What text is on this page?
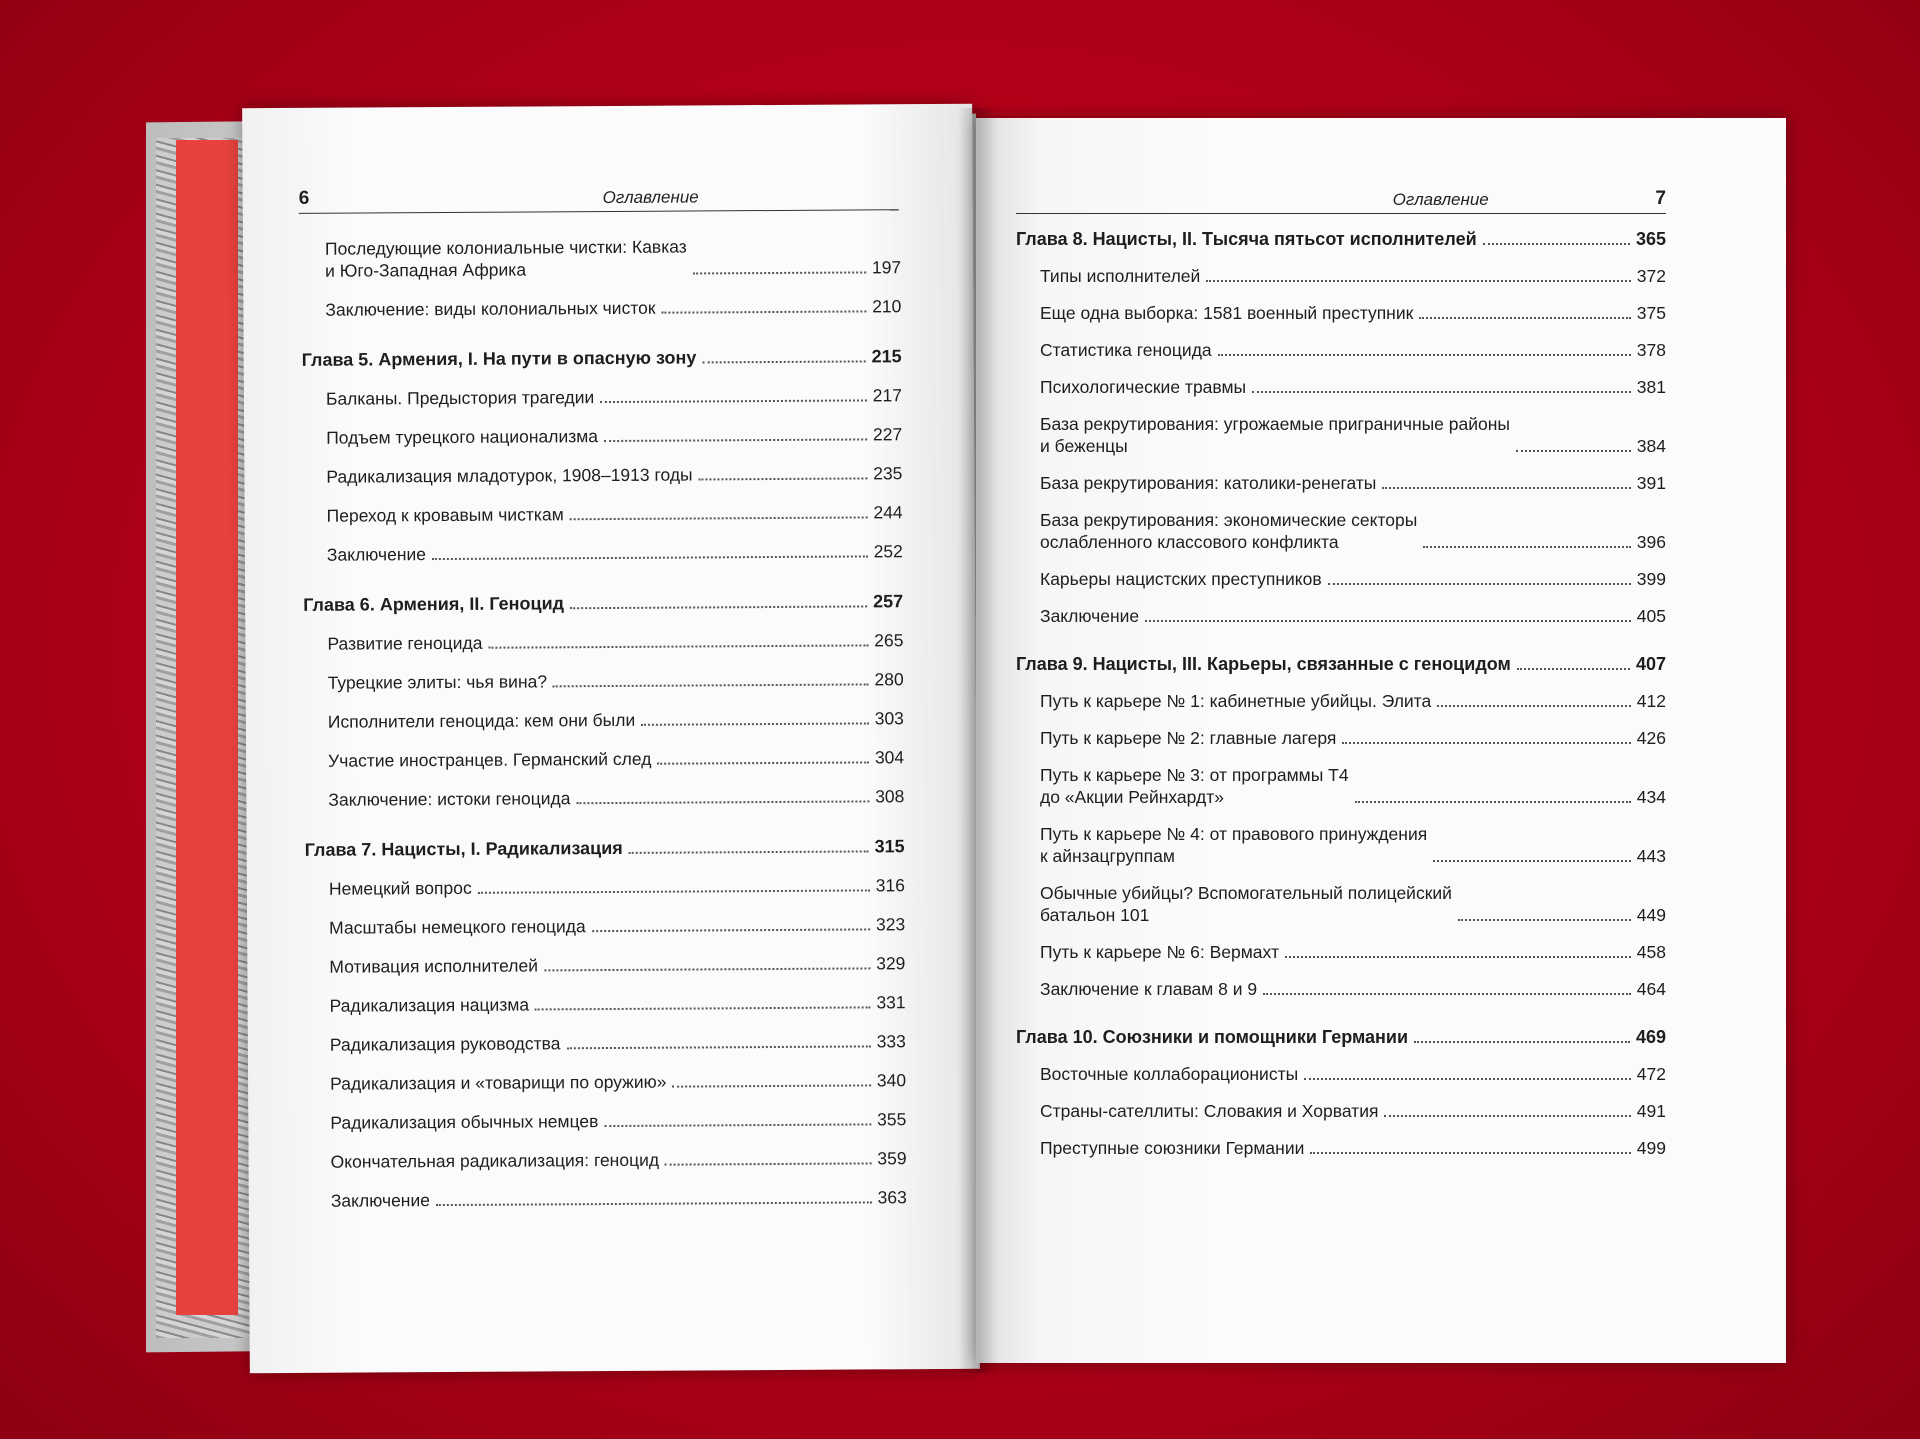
6	Оглавление
Последующие колониальные чистки: Кавказ
и Юго-Западная Африка	197
Заключение: виды колониальных чисток	210
Глава 5. Армения, I. На пути в опасную зону	215
Балканы. Предыстория трагедии	217
Подъем турецкого национализма	227
Радикализация младотурок, 1908–1913 годы	235
Переход к кровавым чисткам	244
Заключение	252
Глава 6. Армения, II. Геноцид	257
Развитие геноцида	265
Турецкие элиты: чья вина?	280
Исполнители геноцида: кем они были	303
Участие иностранцев. Германский след	304
Заключение: истоки геноцида	308
Глава 7. Нацисты, I. Радикализация	315
Немецкий вопрос	316
Масштабы немецкого геноцида	323
Мотивация исполнителей	329
Радикализация нацизма	331
Радикализация руководства	333
Радикализация и «товарищи по оружию»	340
Радикализация обычных немцев	355
Окончательная радикализация: геноцид	359
Заключение	363
Оглавление	7
Глава 8. Нацисты, II. Тысяча пятьсот исполнителей	365
Типы исполнителей	372
Еще одна выборка: 1581 военный преступник	375
Статистика геноцида	378
Психологические травмы	381
База рекрутирования: угрожаемые приграничные районы
и беженцы	384
База рекрутирования: католики-ренегаты	391
База рекрутирования: экономические секторы
ослабленного классового конфликта	396
Карьеры нацистских преступников	399
Заключение	405
Глава 9. Нацисты, III. Карьеры, связанные с геноцидом	407
Путь к карьере № 1: кабинетные убийцы. Элита	412
Путь к карьере № 2: главные лагеря	426
Путь к карьере № 3: от программы Т4
до «Акции Рейнхардт»	434
Путь к карьере № 4: от правового принуждения
к айнзацгруппам	443
Обычные убийцы? Вспомогательный полицейский
батальон 101	449
Путь к карьере № 6: Вермахт	458
Заключение к главам 8 и 9	464
Глава 10. Союзники и помощники Германии	469
Восточные коллаборационисты	472
Страны-сателлиты: Словакия и Хорватия	491
Преступные союзники Германии	499
